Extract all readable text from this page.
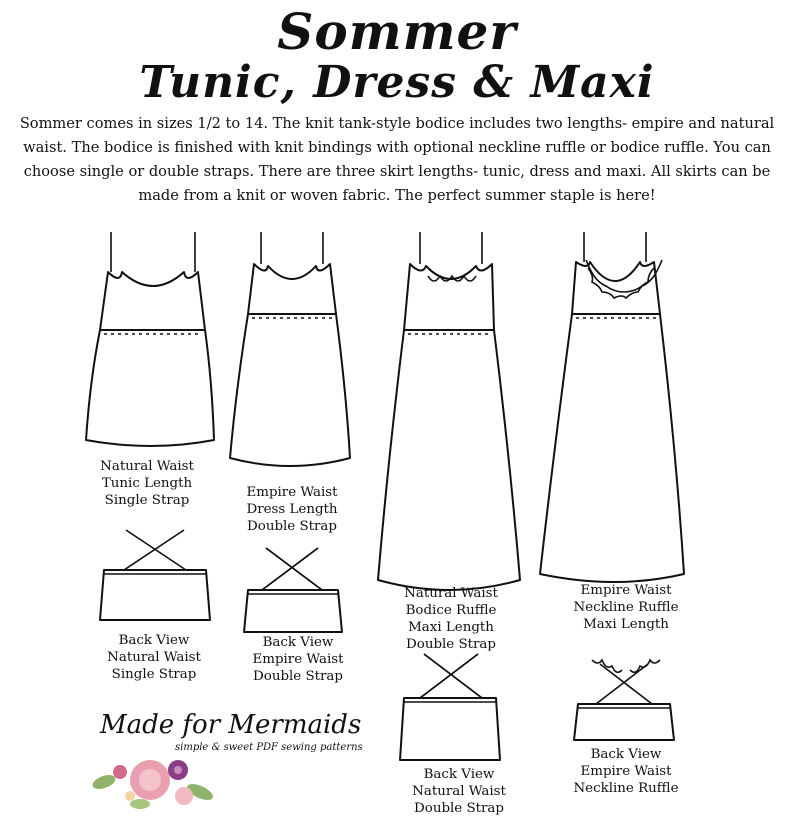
Sommer
Tunic, Dress & Maxi

Sommer comes in sizes 1/2 to 14. The knit tank-style bodice includes two lengths- empire and natural waist. The bodice is finished with knit bindings with optional neckline ruffle or bodice ruffle. You can choose single or double straps. There are three skirt lengths- tunic, dress and maxi. All skirts can be made from a knit or woven fabric. The perfect summer staple is here!

Natural Waist
Tunic Length
Single Strap
Empire Waist
Dress Length
Double Strap
Natural Waist
Bodice Ruffle
Maxi Length
Double Strap
Empire Waist
Neckline Ruffle
Maxi Length
Back View
Natural Waist
Single Strap
Back View
Empire Waist
Double Strap
Back View
Natural Waist
Double Strap
Back View
Empire Waist
Neckline Ruffle
Made for Mermaids
simple & sweet PDF sewing patterns
